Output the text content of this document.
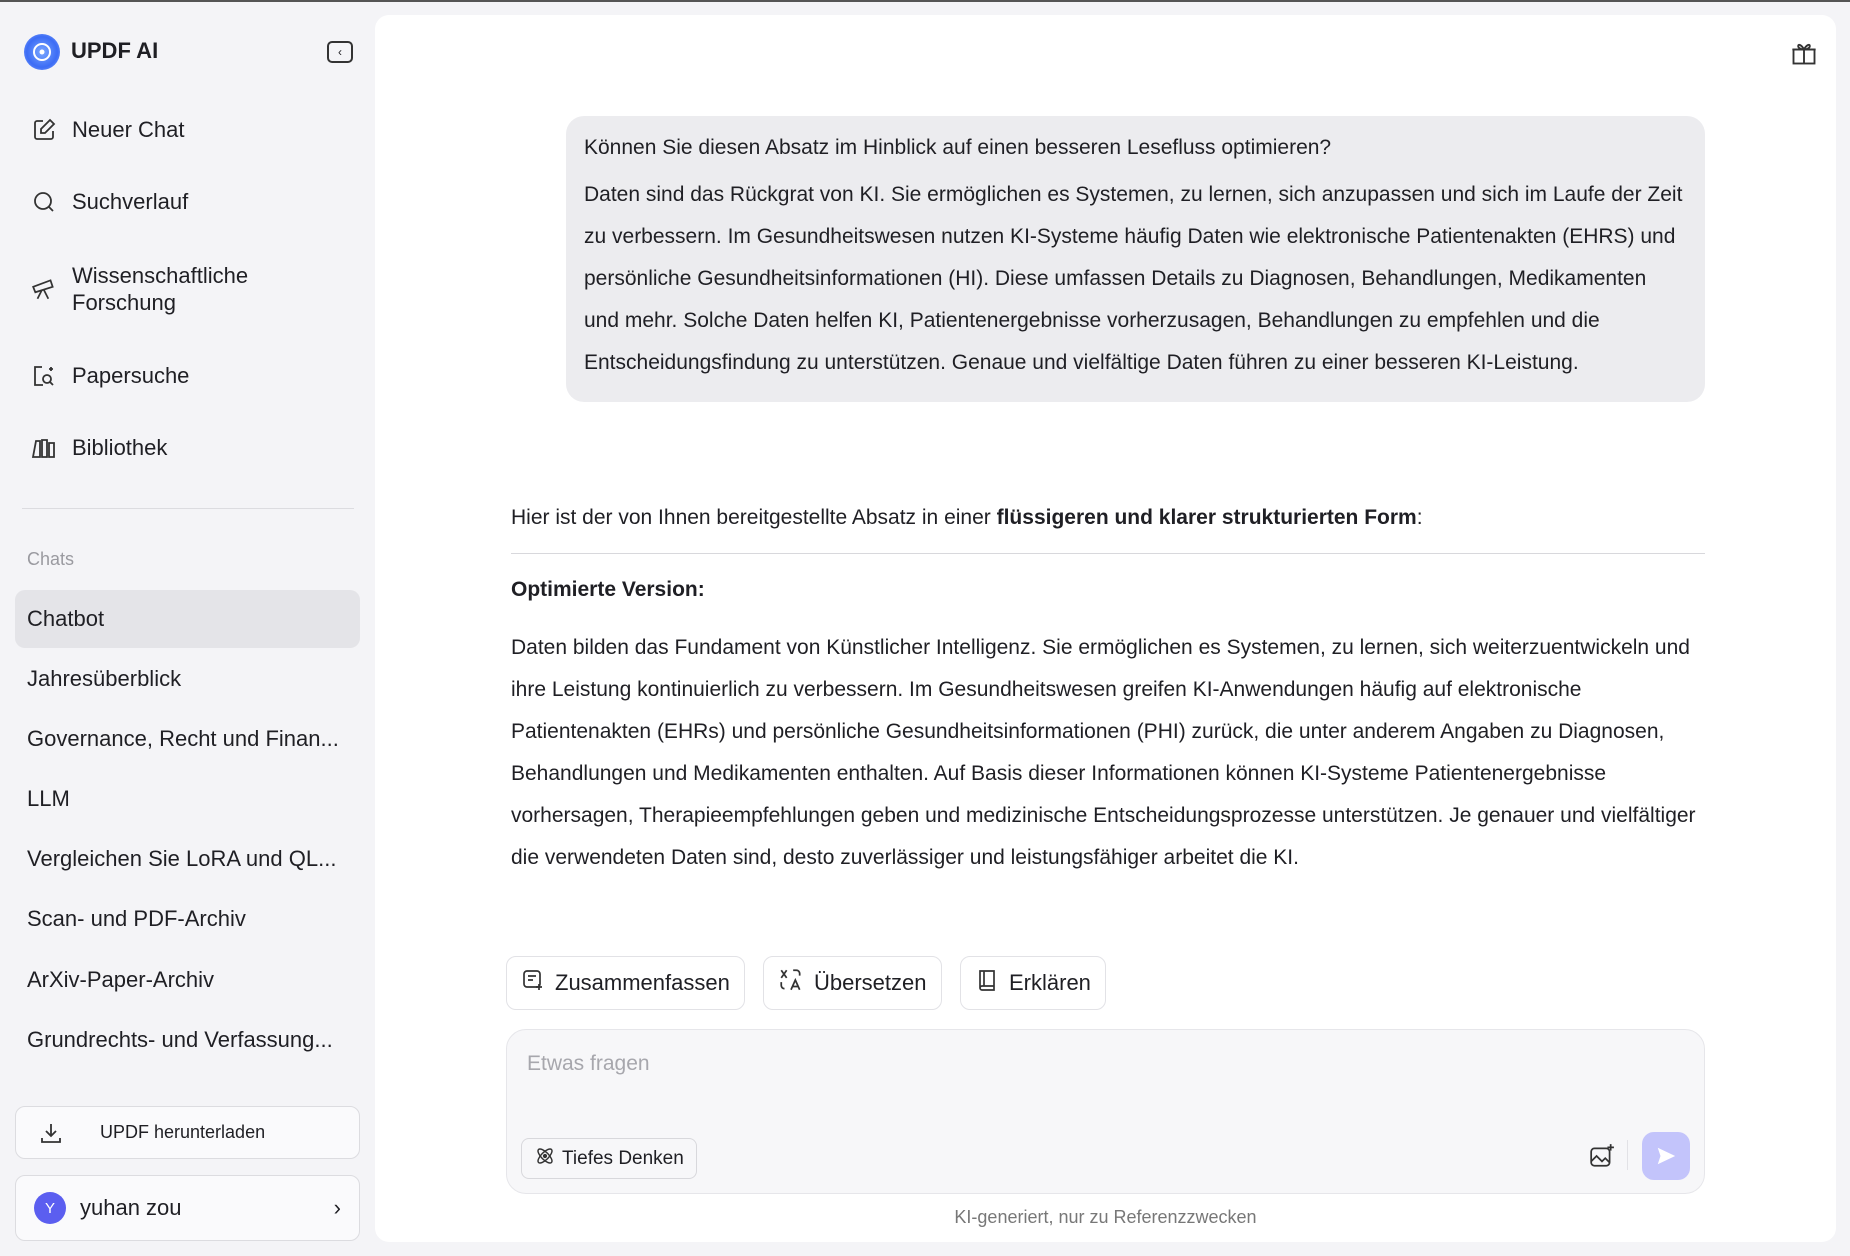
UPDF AI	‹
Neuer Chat
Suchverlauf
Wissenschaftliche Forschung
Papersuche
Bibliothek
Chats
Chatbot
Jahresüberblick
Governance, Recht und Finan...
LLM
Vergleichen Sie LoRA und QL...
Scan- und PDF-Archiv
ArXiv-Paper-Archiv
Grundrechts- und Verfassung...
UPDF herunterladen
Y	yuhan zou	›

Können Sie diesen Absatz im Hinblick auf einen besseren Lesefluss optimieren?

Daten sind das Rückgrat von KI. Sie ermöglichen es Systemen, zu lernen, sich anzupassen und sich im Laufe der Zeit zu verbessern. Im Gesundheitswesen nutzen KI-Systeme häufig Daten wie elektronische Patientenakten (EHRS) und persönliche Gesundheitsinformationen (HI). Diese umfassen Details zu Diagnosen, Behandlungen, Medikamenten und mehr. Solche Daten helfen KI, Patientenergebnisse vorherzusagen, Behandlungen zu empfehlen und die Entscheidungsfindung zu unterstützen. Genaue und vielfältige Daten führen zu einer besseren KI-Leistung.

Hier ist der von Ihnen bereitgestellte Absatz in einer flüssigeren und klarer strukturierten Form:
Optimierte Version:
Daten bilden das Fundament von Künstlicher Intelligenz. Sie ermöglichen es Systemen, zu lernen, sich weiterzuentwickeln und ihre Leistung kontinuierlich zu verbessern. Im Gesundheitswesen greifen KI-Anwendungen häufig auf elektronische Patientenakten (EHRs) und persönliche Gesundheitsinformationen (PHI) zurück, die unter anderem Angaben zu Diagnosen, Behandlungen und Medikamenten enthalten. Auf Basis dieser Informationen können KI-Systeme Patientenergebnisse vorhersagen, Therapieempfehlungen geben und medizinische Entscheidungsprozesse unterstützen. Je genauer und vielfältiger die verwendeten Daten sind, desto zuverlässiger und leistungsfähiger arbeitet die KI.
Zusammenfassen	Übersetzen	Erklären
Etwas fragen
Tiefes Denken
KI-generiert, nur zu Referenzzwecken
